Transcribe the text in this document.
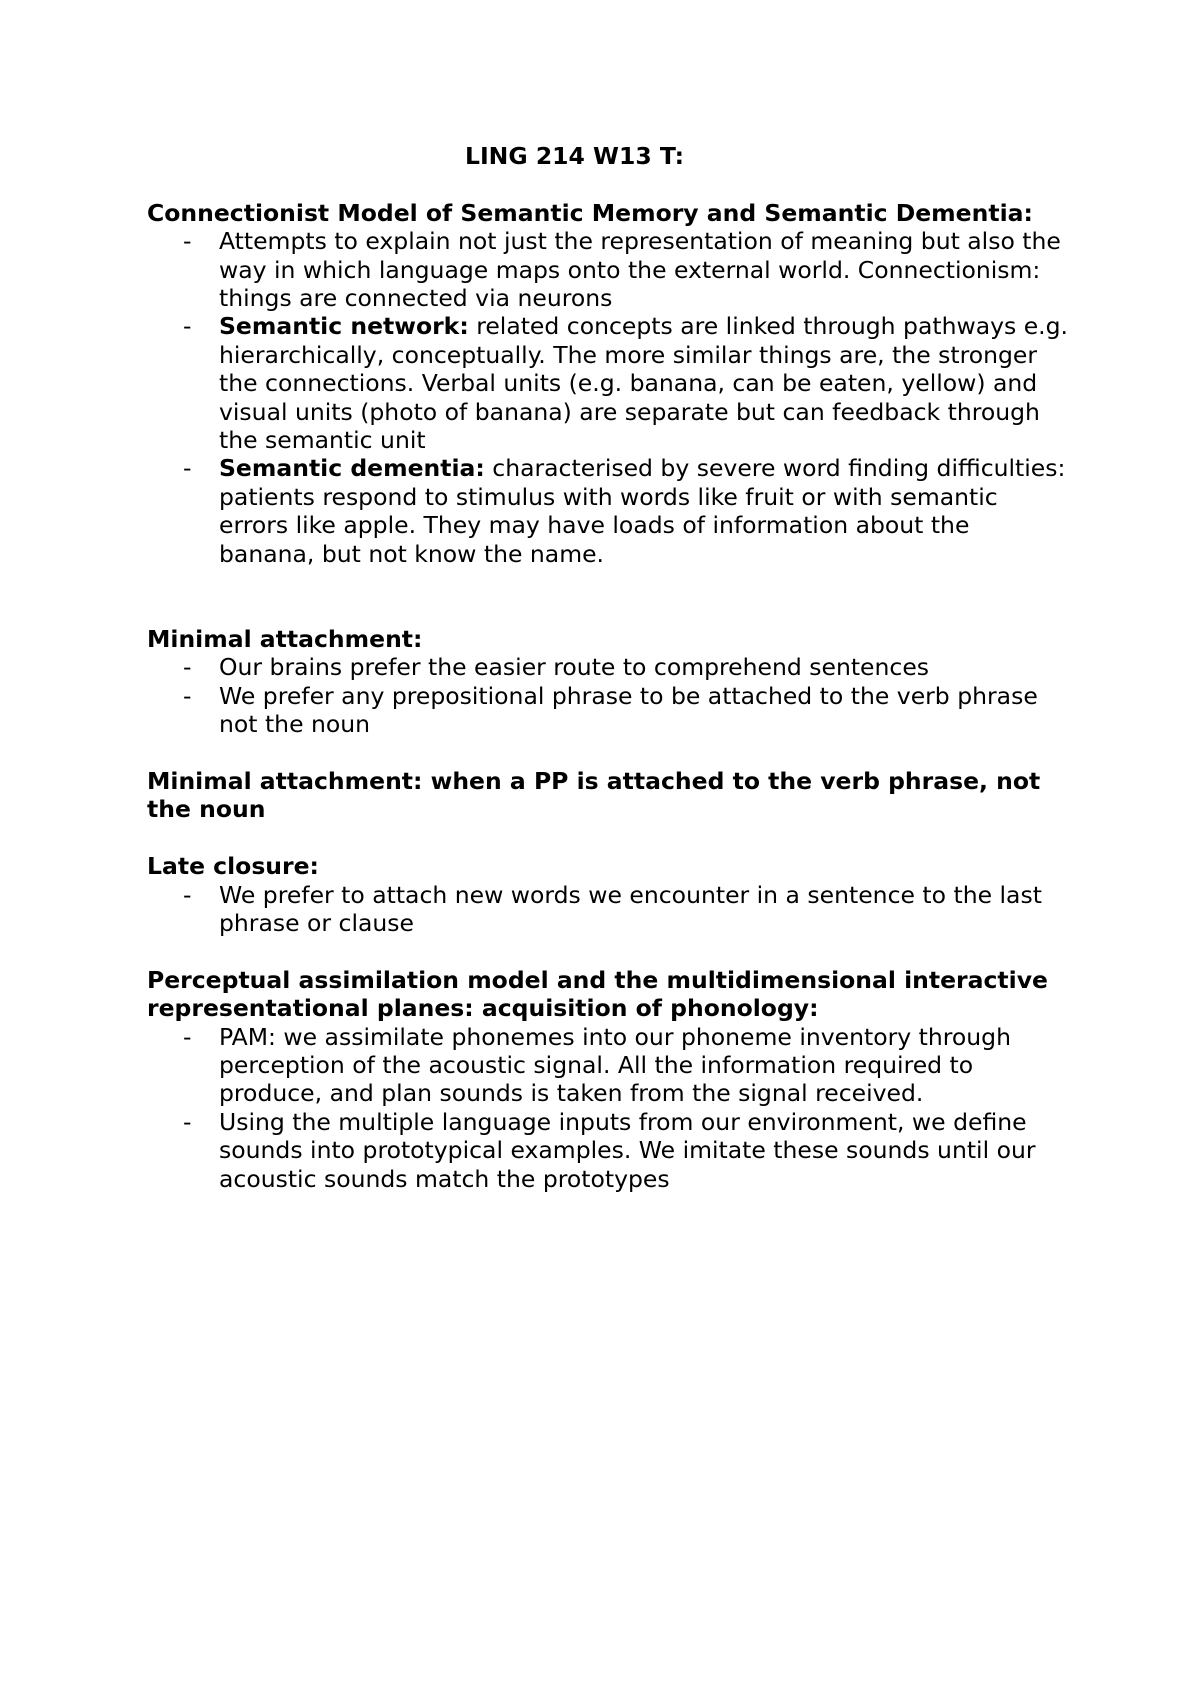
LING 214 W13 T:

Connectionist Model of Semantic Memory and Semantic Dementia:

- Attempts to explain not just the representation of meaning but also the way in which language maps onto the external world. Connectionism: things are connected via neurons
- Semantic network: related concepts are linked through pathways e.g. hierarchically, conceptually. The more similar things are, the stronger the connections. Verbal units (e.g. banana, can be eaten, yellow) and visual units (photo of banana) are separate but can feedback through the semantic unit
- Semantic dementia: characterised by severe word finding difficulties: patients respond to stimulus with words like fruit or with semantic errors like apple. They may have loads of information about the banana, but not know the name.

Minimal attachment:

- Our brains prefer the easier route to comprehend sentences
- We prefer any prepositional phrase to be attached to the verb phrase not the noun

Minimal attachment: when a PP is attached to the verb phrase, not the noun

Late closure:

- We prefer to attach new words we encounter in a sentence to the last phrase or clause

Perceptual assimilation model and the multidimensional interactive representational planes: acquisition of phonology:

- PAM: we assimilate phonemes into our phoneme inventory through perception of the acoustic signal. All the information required to produce, and plan sounds is taken from the signal received.
- Using the multiple language inputs from our environment, we define sounds into prototypical examples. We imitate these sounds until our acoustic sounds match the prototypes
